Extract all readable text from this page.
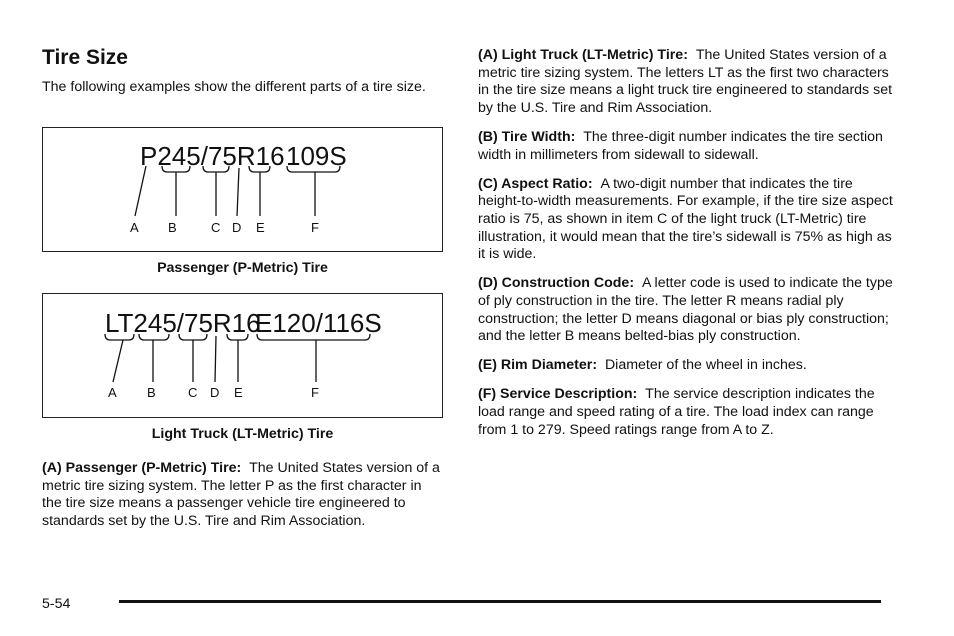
Tire Size

The following examples show the different parts of a tire size.

P245/75R16 109S
A B	C D E	F
Passenger (P-Metric) Tire
LT245/75R16
E120/116S
A B C D E	F
Light Truck (LT-Metric) Tire

(A) Passenger (P-Metric) Tire: The United States version of a metric tire sizing system. The letter P as the first character in the tire size means a passenger vehicle tire engineered to standards set by the U.S. Tire and Rim Association.

(A) Light Truck (LT-Metric) Tire: The United States version of a metric tire sizing system. The letters LT as the first two characters in the tire size means a light truck tire engineered to standards set by the U.S. Tire and Rim Association.

(B) Tire Width: The three-digit number indicates the tire section width in millimeters from sidewall to sidewall.

(C) Aspect Ratio: A two-digit number that indicates the tire height-to-width measurements. For example, if the tire size aspect ratio is 75, as shown in item C of the light truck (LT-Metric) tire illustration, it would mean that the tire’s sidewall is 75% as high as it is wide.

(D) Construction Code: A letter code is used to indicate the type of ply construction in the tire. The letter R means radial ply construction; the letter D means diagonal or bias ply construction; and the letter B means belted-bias ply construction.

(E) Rim Diameter: Diameter of the wheel in inches.

(F) Service Description: The service description indicates the load range and speed rating of a tire. The load index can range from 1 to 279. Speed ratings range from A to Z.

5-54
